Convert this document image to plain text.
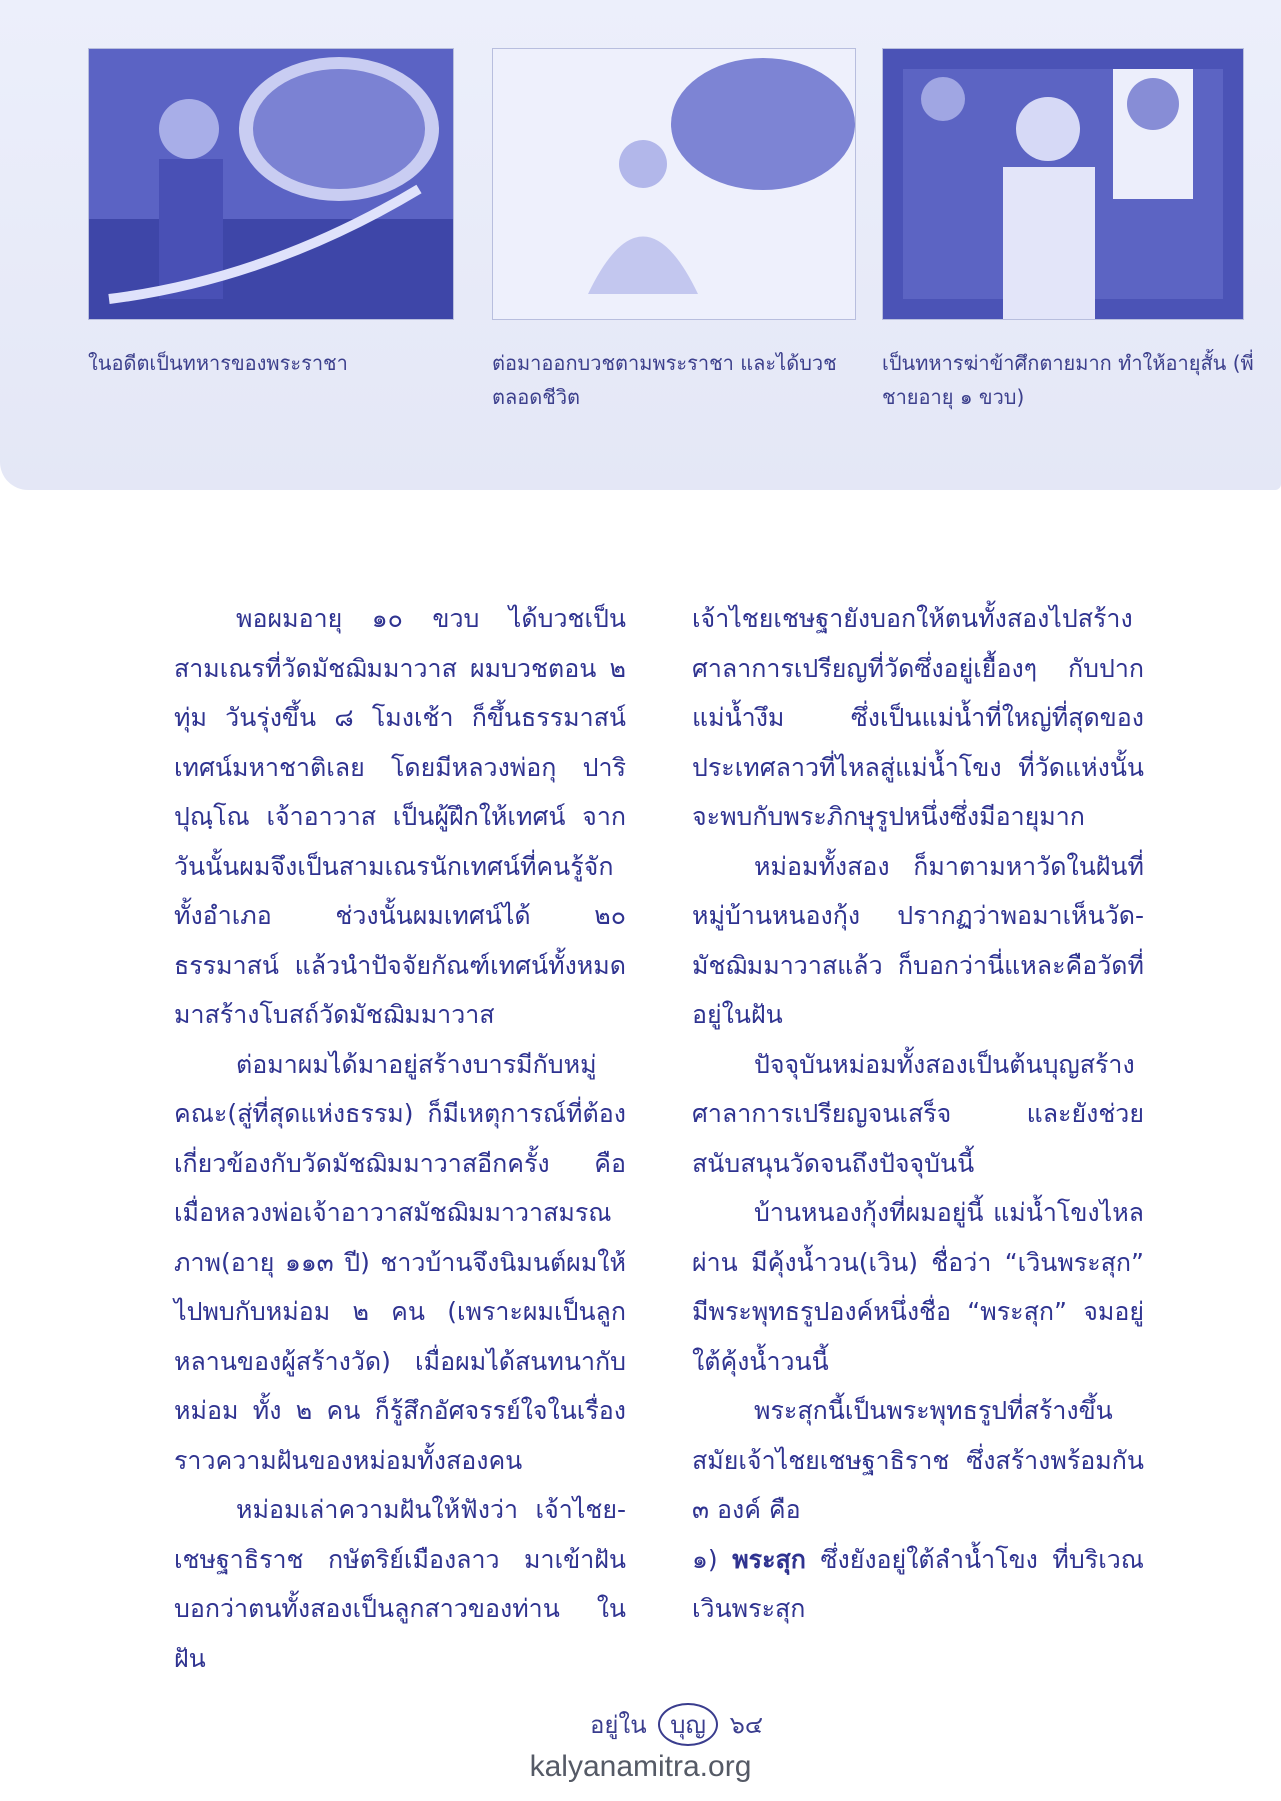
ในอดีตเป็นทหารของพระราชา	ต่อมาออกบวชตามพระราชา และได้บวช ตลอดชีวิต
เป็นทหารฆ่าข้าศึกตายมาก ทำให้อายุสั้น (พี่ชายอายุ ๑ ขวบ)

พอผมอายุ ๑๐ ขวบ ได้บวชเป็นสามเณรที่วัดมัชฌิมมาวาส ผมบวชตอน ๒ ทุ่ม วันรุ่งขึ้น ๘ โมงเช้า ก็ขึ้นธรรมาสน์เทศน์มหาชาติเลย โดยมีหลวงพ่อกุ ปาริปุณฺโณ เจ้าอาวาส เป็นผู้ฝึกให้เทศน์ จากวันนั้นผมจึงเป็นสามเณรนักเทศน์ที่คนรู้จักทั้งอำเภอ ช่วงนั้นผมเทศน์ได้ ๒๐ ธรรมาสน์ แล้วนำปัจจัยกัณฑ์เทศน์ทั้งหมดมาสร้างโบสถ์วัดมัชฌิมมาวาส

ต่อมาผมได้มาอยู่สร้างบารมีกับหมู่คณะ(สู่ที่สุดแห่งธรรม) ก็มีเหตุการณ์ที่ต้องเกี่ยวข้องกับวัดมัชฌิมมาวาสอีกครั้ง คือ เมื่อหลวงพ่อเจ้าอาวาสมัชฌิมมาวาสมรณภาพ(อายุ ๑๑๓ ปี) ชาวบ้านจึงนิมนต์ผมให้ไปพบกับหม่อม ๒ คน (เพราะผมเป็นลูกหลานของผู้สร้างวัด) เมื่อผมได้สนทนากับหม่อม ทั้ง ๒ คน ก็รู้สึกอัศจรรย์ใจในเรื่องราวความฝันของหม่อมทั้งสองคน

หม่อมเล่าความฝันให้ฟังว่า เจ้าไชย-เชษฐาธิราช กษัตริย์เมืองลาว มาเข้าฝันบอกว่าตนทั้งสองเป็นลูกสาวของท่าน ในฝัน

เจ้าไชยเชษฐายังบอกให้ตนทั้งสองไปสร้างศาลาการเปรียญที่วัดซึ่งอยู่เยื้องๆ กับปากแม่น้ำงึม ซึ่งเป็นแม่น้ำที่ใหญ่ที่สุดของประเทศลาวที่ไหลสู่แม่น้ำโขง ที่วัดแห่งนั้นจะพบกับพระภิกษุรูปหนึ่งซึ่งมีอายุมาก

หม่อมทั้งสอง ก็มาตามหาวัดในฝันที่หมู่บ้านหนองกุ้ง ปรากฏว่าพอมาเห็นวัด-มัชฌิมมาวาสแล้ว ก็บอกว่านี่แหละคือวัดที่อยู่ในฝัน

ปัจจุบันหม่อมทั้งสองเป็นต้นบุญสร้างศาลาการเปรียญจนเสร็จ และยังช่วยสนับสนุนวัดจนถึงปัจจุบันนี้

บ้านหนองกุ้งที่ผมอยู่นี้ แม่น้ำโขงไหลผ่าน มีคุ้งน้ำวน(เวิน) ชื่อว่า “เวินพระสุก” มีพระพุทธรูปองค์หนึ่งชื่อ “พระสุก” จมอยู่ใต้คุ้งน้ำวนนี้

พระสุกนี้เป็นพระพุทธรูปที่สร้างขึ้นสมัยเจ้าไชยเชษฐาธิราช ซึ่งสร้างพร้อมกัน ๓ องค์ คือ

๑) พระสุก ซึ่งยังอยู่ใต้ลำน้ำโขง ที่บริเวณเวินพระสุก

อยู่ใน บุญ ๖๔
kalyanamitra.org
